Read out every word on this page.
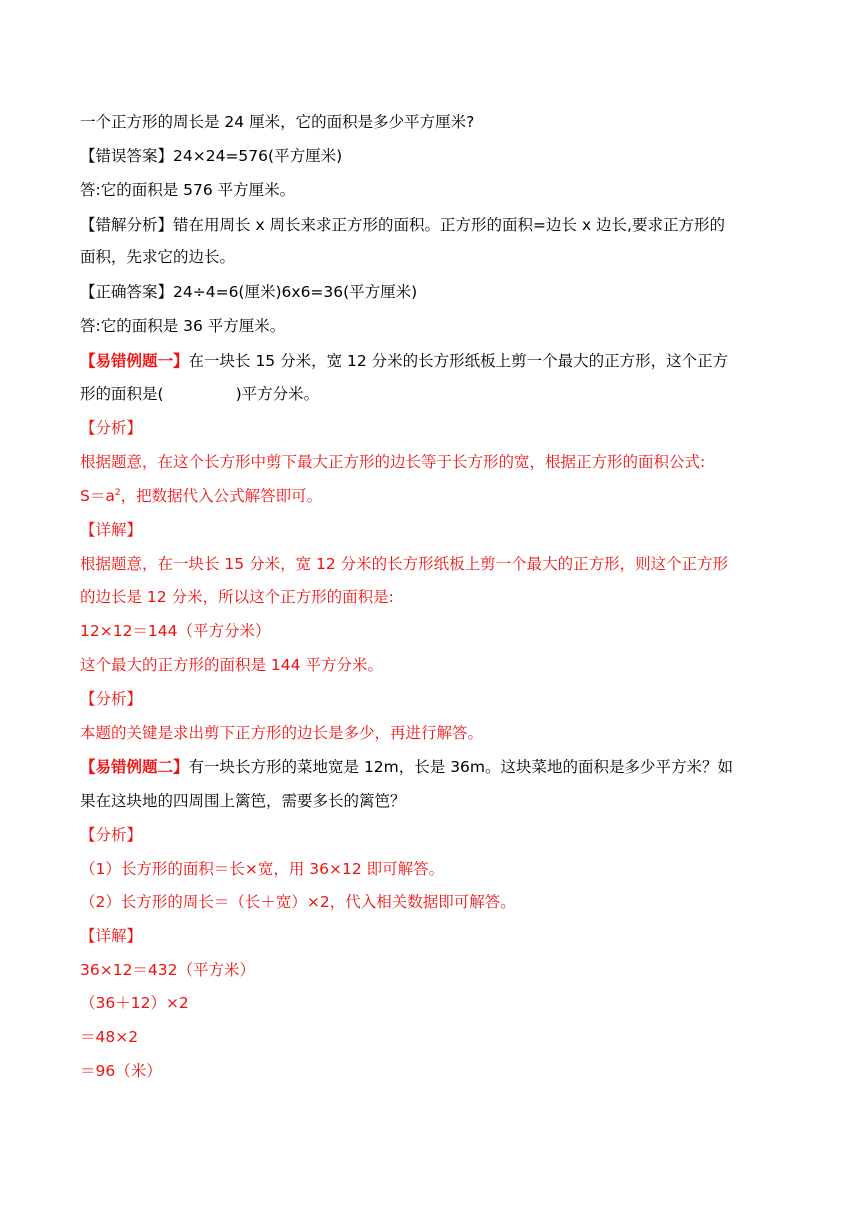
一个正方形的周长是 24 厘米，它的面积是多少平方厘米?
【错误答案】24×24=576(平方厘米)
答:它的面积是 576 平方厘米。
【错解分析】错在用周长 x 周长来求正方形的面积。正方形的面积=边长 x 边长,要求正方形的
面积，先求它的边长。
【正确答案】24÷4=6(厘米)6x6=36(平方厘米)
答:它的面积是 36 平方厘米。
【易错例题一】在一块长 15 分米，宽 12 分米的长方形纸板上剪一个最大的正方形，这个正方
形的面积是(	)平方分米。
【分析】
根据题意，在这个长方形中剪下最大正方形的边长等于长方形的宽，根据正方形的面积公式:
$S=a^2$，把数据代入公式解答即可。
【详解】
根据题意，在一块长 15 分米，宽 12 分米的长方形纸板上剪一个最大的正方形，则这个正方形
的边长是 12 分米，所以这个正方形的面积是:
12×12＝144（平方分米）
这个最大的正方形的面积是 144 平方分米。
【分析】
本题的关键是求出剪下正方形的边长是多少，再进行解答。
【易错例题二】有一块长方形的菜地宽是 12m，长是 36m。这块菜地的面积是多少平方米？如
果在这块地的四周围上篱笆，需要多长的篱笆？
【分析】
（1）长方形的面积＝长×宽，用 36×12 即可解答。
（2）长方形的周长＝（长＋宽）×2，代入相关数据即可解答。
【详解】
36×12＝432（平方米）
（36＋12）×2
＝48×2
＝96（米）
